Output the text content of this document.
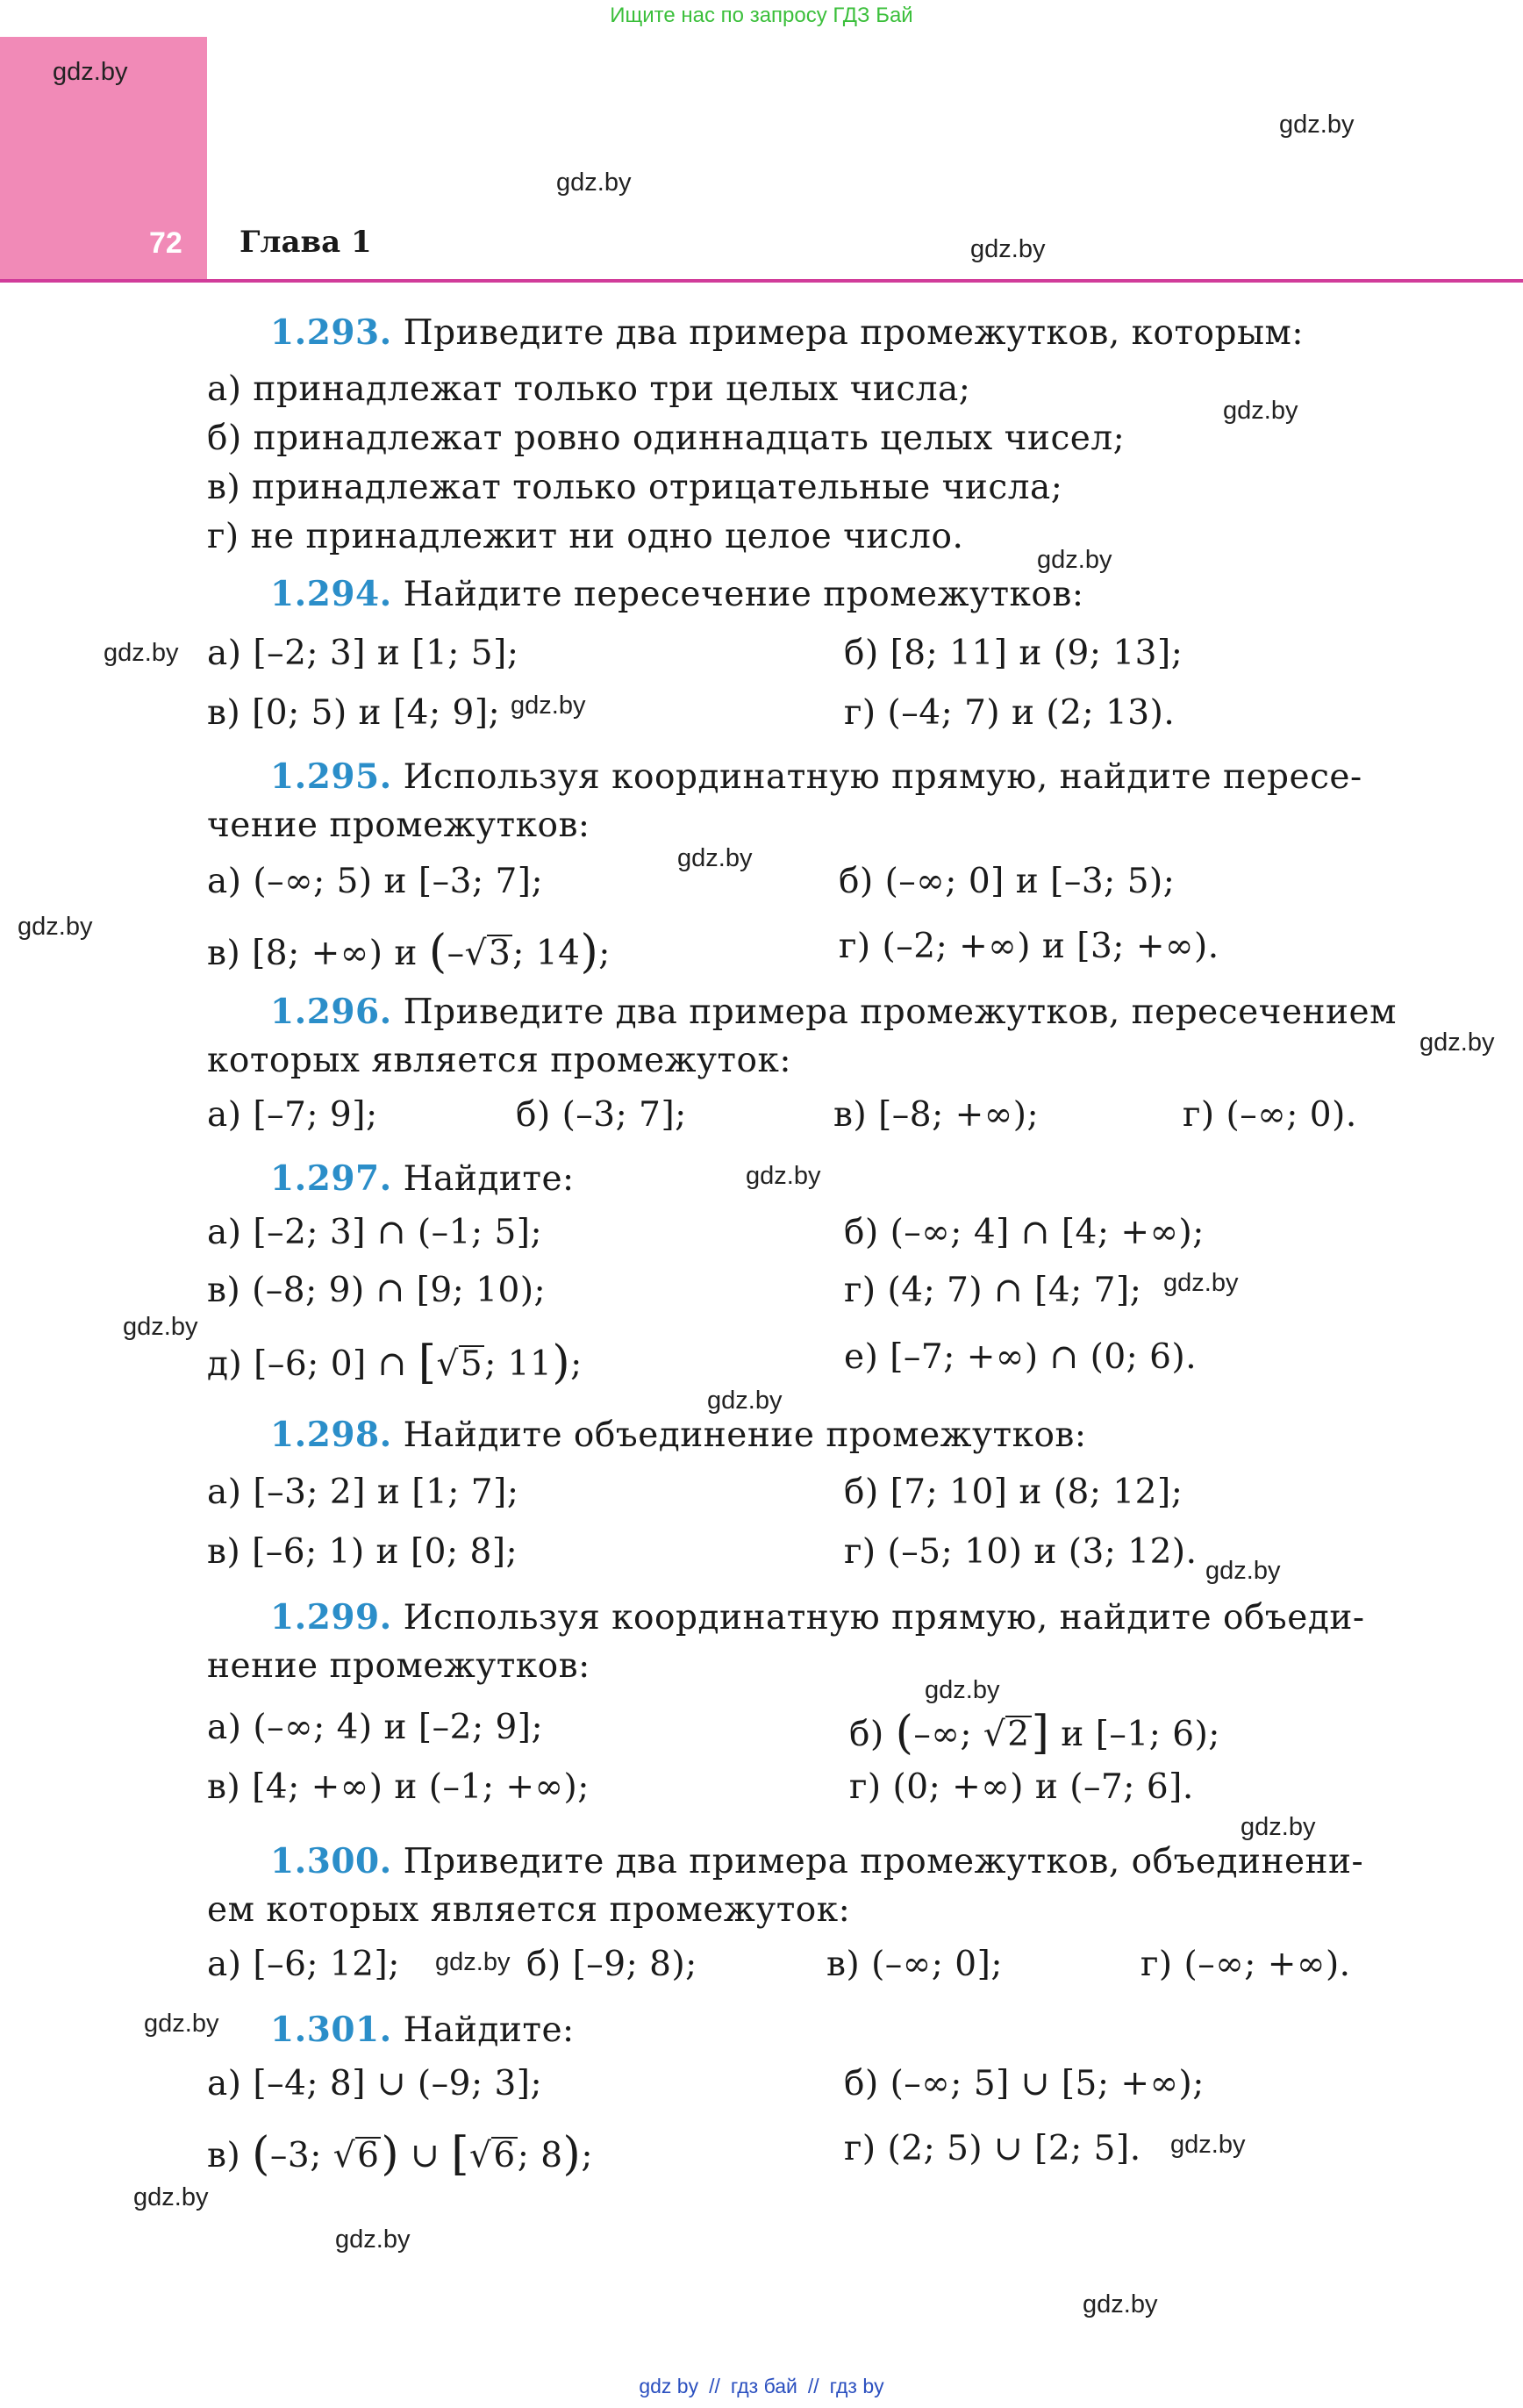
Ищите нас по запросу ГДЗ Бай
72 Глава 1
1.293. Приведите два примера промежутков, которым:
а) принадлежат только три целых числа;
б) принадлежат ровно одиннадцать целых чисел;
в) принадлежат только отрицательные числа;
г) не принадлежит ни одно целое число.
1.294. Найдите пересечение промежутков:
а) [–2; 3] и [1; 5];	б) [8; 11] и (9; 13];
в) [0; 5) и [4; 9];	г) (–4; 7) и (2; 13).
1.295. Используя координатную прямую, найдите пересе-
чение промежутков:
а) (–∞; 5) и [–3; 7];	б) (–∞; 0] и [–3; 5);
в) [8; +∞) и (–√3; 14);	г) (–2; +∞) и [3; +∞).
1.296. Приведите два примера промежутков, пересечением
которых является промежуток:
а) [–7; 9];	б) (–3; 7];	в) [–8; +∞);	г) (–∞; 0).
1.297. Найдите:
а) [–2; 3] ∩ (–1; 5];	б) (–∞; 4] ∩ [4; +∞);
в) (–8; 9) ∩ [9; 10);	г) (4; 7) ∩ [4; 7];
д) [–6; 0] ∩ [√5; 11);	е) [–7; +∞) ∩ (0; 6).
1.298. Найдите объединение промежутков:
а) [–3; 2] и [1; 7];	б) [7; 10] и (8; 12];
в) [–6; 1) и [0; 8];	г) (–5; 10) и (3; 12).
1.299. Используя координатную прямую, найдите объеди-
нение промежутков:
а) (–∞; 4) и [–2; 9];	б) (–∞; √2] и [–1; 6);
в) [4; +∞) и (–1; +∞);	г) (0; +∞) и (–7; 6].
1.300. Приведите два примера промежутков, объединени-
ем которых является промежуток:
а) [–6; 12];	б) [–9; 8);	в) (–∞; 0];	г) (–∞; +∞).
1.301. Найдите:
а) [–4; 8] ∪ (–9; 3];	б) (–∞; 5] ∪ [5; +∞);
в) (–3; √6) ∪ [√6; 8);	г) (2; 5) ∪ [2; 5].
gdz.by
gdz.by
gdz.by
gdz.by
gdz.by
gdz.by
gdz.by
gdz.by
gdz.by
gdz.by
gdz.by
gdz.by
gdz.by
gdz.by
gdz.by
gdz.by
gdz.by
gdz.by
gdz.by
gdz.by
gdz.by
gdz.by
gdz.by
gdz.by
gdz by // гдз бай // гдз by
